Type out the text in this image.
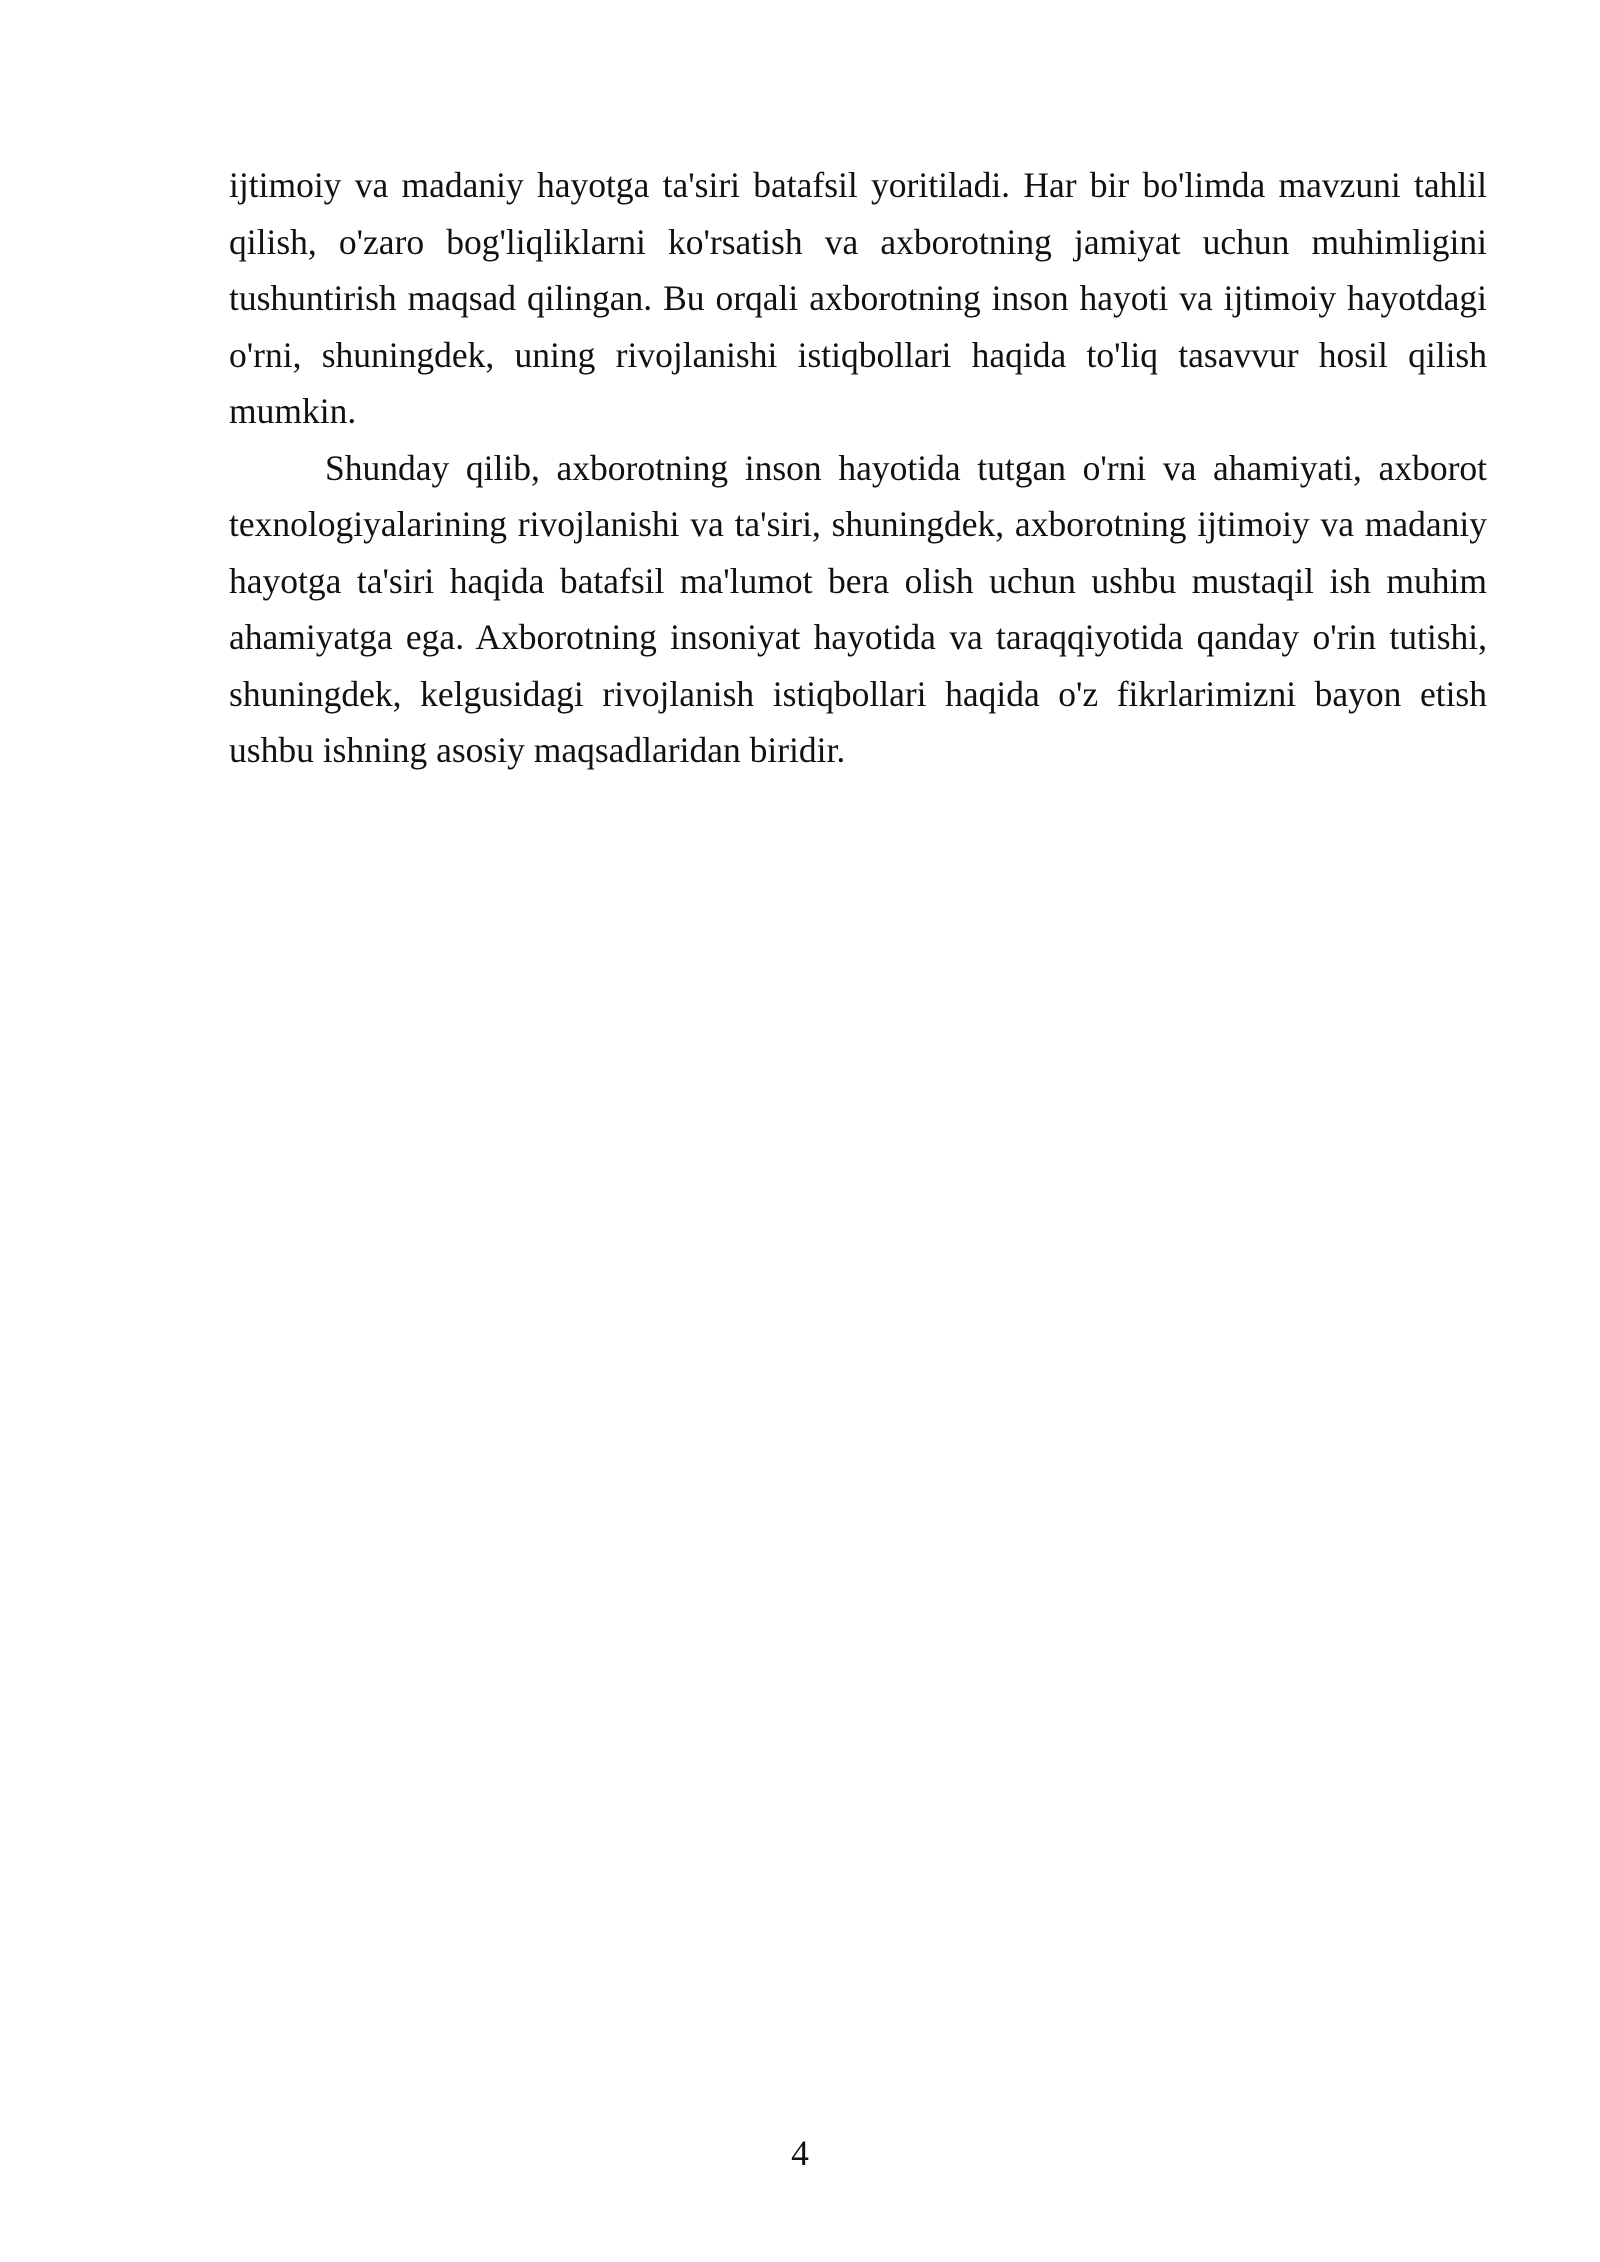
ijtimoiy va madaniy hayotga ta'siri batafsil yoritiladi. Har bir bo'limda mavzuni tahlil qilish, o'zaro bog'liqliklarni ko'rsatish va axborotning jamiyat uchun muhimligini tushuntirish maqsad qilingan. Bu orqali axborotning inson hayoti va ijtimoiy hayotdagi o'rni, shuningdek, uning rivojlanishi istiqbollari haqida to'liq tasavvur hosil qilish mumkin.

Shunday qilib, axborotning inson hayotida tutgan o'rni va ahamiyati, axborot texnologiyalarining rivojlanishi va ta'siri, shuningdek, axborotning ijtimoiy va madaniy hayotga ta'siri haqida batafsil ma'lumot bera olish uchun ushbu mustaqil ish muhim ahamiyatga ega. Axborotning insoniyat hayotida va taraqqiyotida qanday o'rin tutishi, shuningdek, kelgusidagi rivojlanish istiqbollari haqida o'z fikrlarimizni bayon etish ushbu ishning asosiy maqsadlaridan biridir.

4
